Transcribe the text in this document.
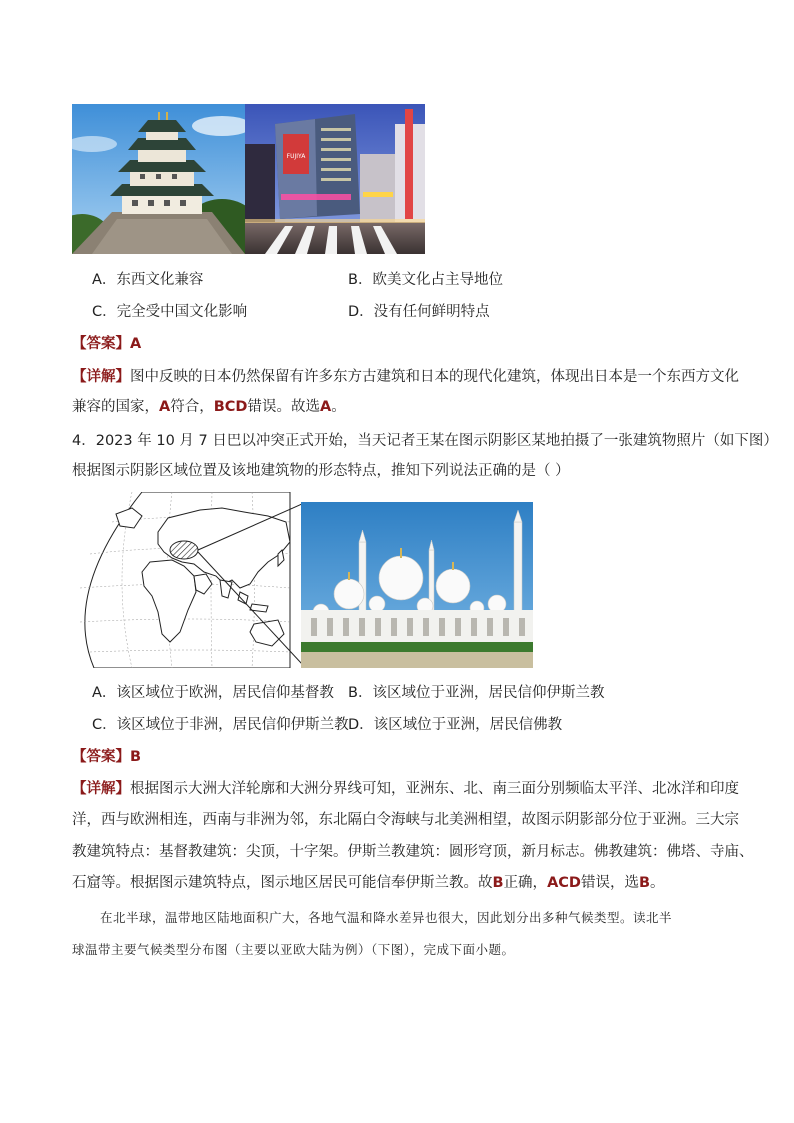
FUJIYA
A．东西文化兼容	B．欧美文化占主导地位
C．完全受中国文化影响	D．没有任何鲜明特点
【答案】A
【详解】图中反映的日本仍然保留有许多东方古建筑和日本的现代化建筑，体现出日本是一个东西方文化
兼容的国家，A符合，BCD错误。故选A。
4．2023 年 10 月 7 日巴以冲突正式开始，当天记者王某在图示阴影区某地拍摄了一张建筑物照片（如下图）
根据图示阴影区域位置及该地建筑物的形态特点，推知下列说法正确的是（ ）
A．该区域位于欧洲，居民信仰基督教 B．该区域位于亚洲，居民信仰伊斯兰教
C．该区域位于非洲，居民信仰伊斯兰教 D．该区域位于亚洲，居民信佛教
【答案】B
【详解】根据图示大洲大洋轮廓和大洲分界线可知，亚洲东、北、南三面分别频临太平洋、北冰洋和印度
洋，西与欧洲相连，西南与非洲为邻，东北隔白令海峡与北美洲相望，故图示阴影部分位于亚洲。三大宗
教建筑特点：基督教建筑：尖顶，十字架。伊斯兰教建筑：圆形穹顶，新月标志。佛教建筑：佛塔、寺庙、
石窟等。根据图示建筑特点，图示地区居民可能信奉伊斯兰教。故B正确，ACD错误，选B。
在北半球，温带地区陆地面积广大，各地气温和降水差异也很大，因此划分出多种气候类型。读北半
球温带主要气候类型分布图（主要以亚欧大陆为例）（下图），完成下面小题。
